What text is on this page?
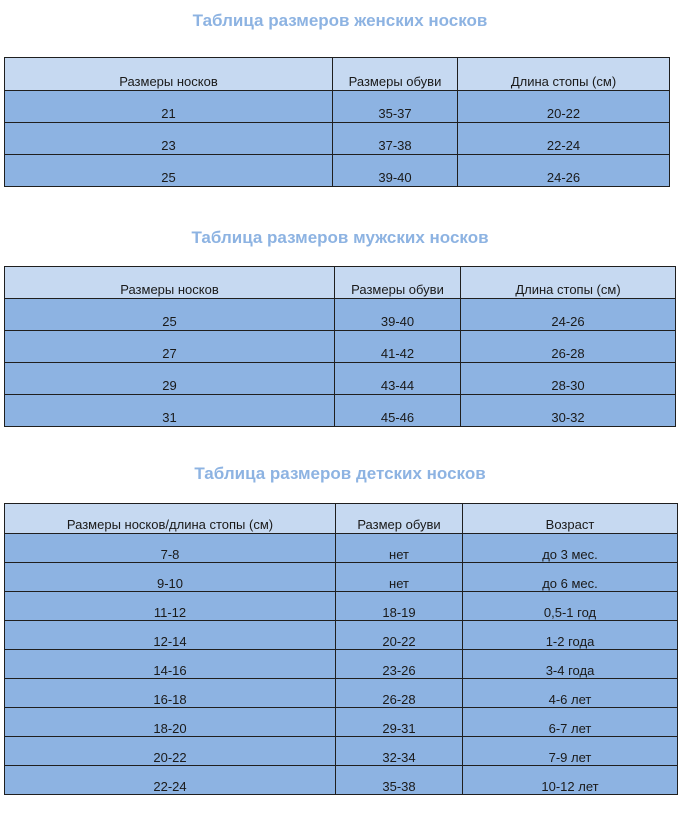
Таблица размеров женских носков
Размеры носков	Размеры обуви	Длина стопы (см)
21	35-37	20-22
23	37-38	22-24
25	39-40	24-26
Таблица размеров мужских носков
Размеры носков	Размеры обуви	Длина стопы (см)
25	39-40	24-26
27	41-42	26-28
29	43-44	28-30
31	45-46	30-32
Таблица размеров детских носков
Размеры носков/длина стопы (см)	Размер обуви	Возраст
7-8	нет	до 3 мес.
9-10	нет	до 6 мес.
11-12	18-19	0,5-1 год
12-14	20-22	1-2 года
14-16	23-26	3-4 года
16-18	26-28	4-6 лет
18-20	29-31	6-7 лет
20-22	32-34	7-9 лет
22-24	35-38	10-12 лет
